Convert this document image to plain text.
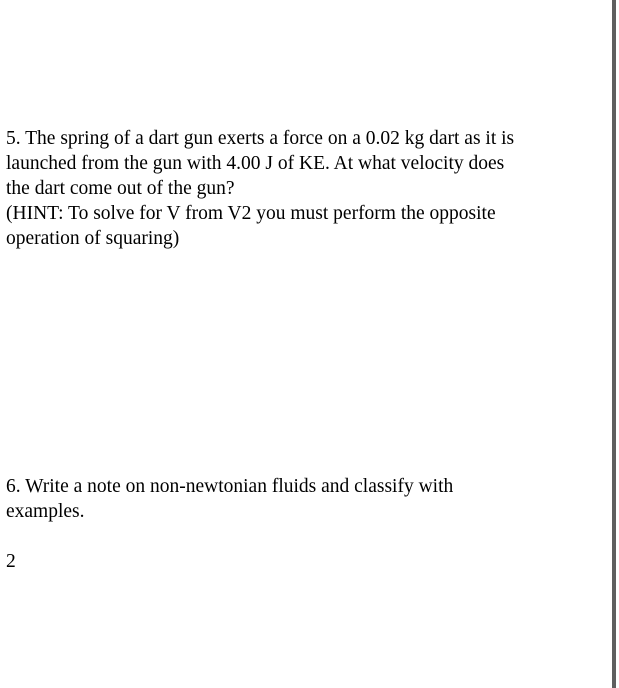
5. The spring of a dart gun exerts a force on a 0.02 kg dart as it is
launched from the gun with 4.00 J of KE. At what velocity does
the dart come out of the gun?
(HINT: To solve for V from V2 you must perform the opposite
operation of squaring)
6. Write a note on non-newtonian fluids and classify with
examples.
2
